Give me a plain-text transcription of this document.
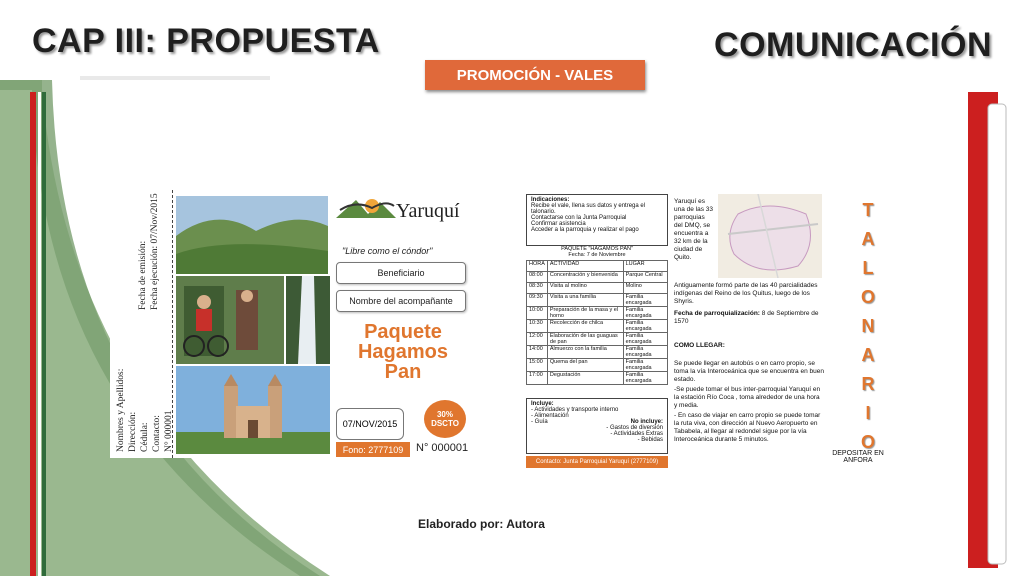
CAP III: PROPUESTA	COMUNICACIÓN
PROMOCIÓN - VALES
Nombres y Apellidos: Dirección: Cédula: Contacto: N° 000001
Fecha de emisión: Fecha ejecución: 07/Nov/2015	Yaruquí
"Libre como el cóndor"
Beneficiario
Nombre del acompañante
Paquete
Hagamos
Pan
07/NOV/2015
30%
DSCTO
Fono: 2777109	N° 000001
Indicaciones:
Recibe el vale, llena sus datos y entrega el talonario.
Contactarse con la Junta Parroquial
Confirmar asistencia
Acceder a la parroquia y realizar el pago
PAQUETE "HAGAMOS PAN"
Fecha: 7 de Noviembre
HORA	ACTIVIDAD	LUGAR
08:00	Concentración y bienvenida	Parque Central
08:30	Visita al molino	Molino
09:30	Visita a una familia	Familia encargada
10:00	Preparación de la masa y el horno	Familia encargada
10:30	Recolección de chilca	Familia encargada
12:00	Elaboración de las guaguas de pan	Familia encargada
14:00	Almuerzo con la familia	Familia encargada
15:00	Quema del pan	Familia encargada
17:00	Degustación	Familia encargada
Incluye:
- Actividades y transporte interno
- Alimentación
- Guía	No incluye:
- Gastos de diversión
- Actividades Extras
- Bebidas
Contacto: Junta Parroquial Yaruquí (2777109)
Yaruquí es una de las 33 parroquias del DMQ, se encuentra a 32 km de la ciudad de Quito.
Antiguamente formó parte de las 40 parcialidades indígenas del Reino de los Quitus, luego de los Shyris.
Fecha de parroquialización: 8 de Septiembre de 1570
COMO LLEGAR:
Se puede llegar en autobús o en carro propio, se toma la vía Interoceánica que se encuentra en buen estado.
-Se puede tomar el bus inter-parroquial Yaruquí en la estación Río Coca , toma alrededor de una hora y media.
- En caso de viajar en carro propio se puede tomar la ruta viva, con dirección al Nuevo Aeropuerto en Tababela, al llegar al redondel sigue por la vía Interoceánica durante 5 minutos.
T
A
L
O
N
A
R
I
O
DEPOSITAR EN ANFORA
Elaborado por: Autora
